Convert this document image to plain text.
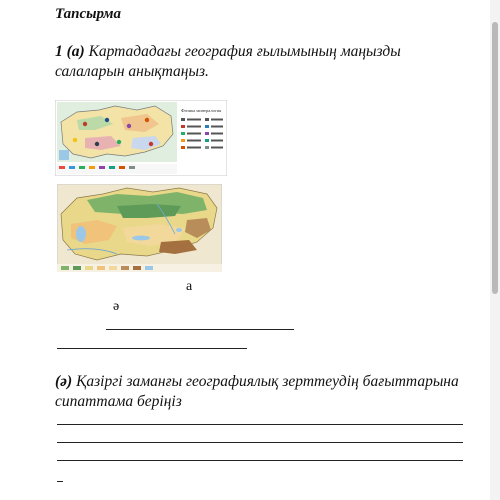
Тапсырма
1 (а) Картададағы география ғылымының маңызды салаларын анықтаңыз.
Физика минералогия
а
ә
(ә) Қазіргі заманғы географиялық зерттеудің бағыттарына сипаттама беріңіз
